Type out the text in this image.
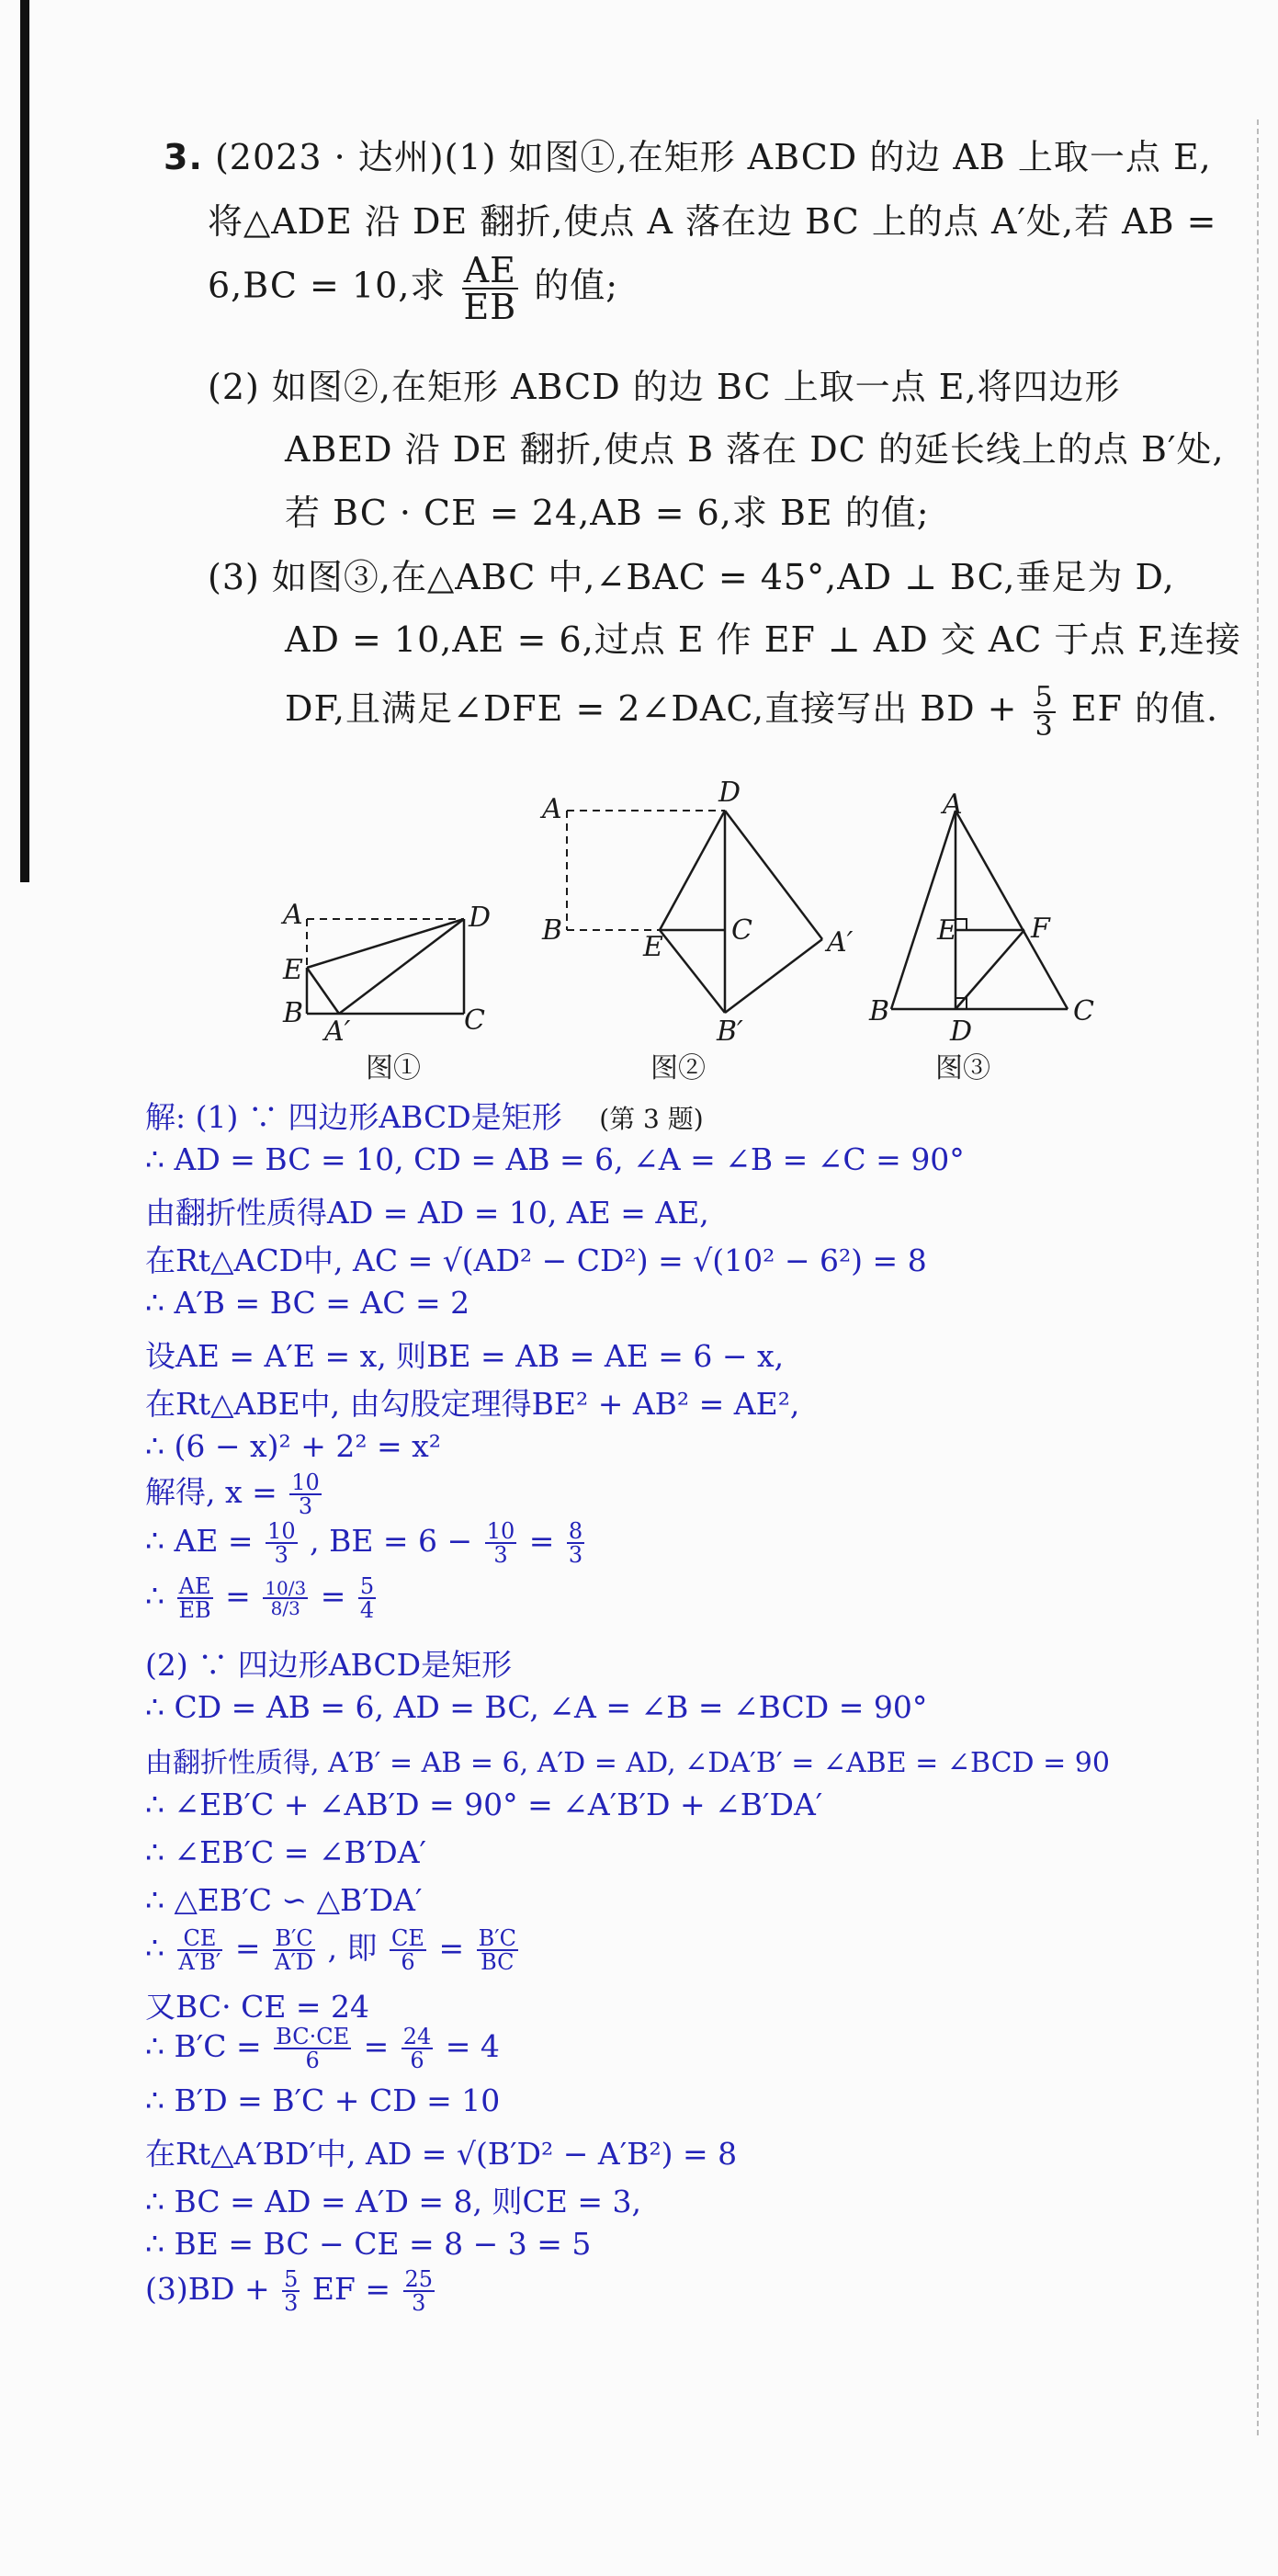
3. (2023 · 达州)(1) 如图①,在矩形 ABCD 的边 AB 上取一点 E,
将△ADE 沿 DE 翻折,使点 A 落在边 BC 上的点 A′处,若 AB =
6,BC = 10,求 $\frac{AE}{EB}$ 的值;
(2) 如图②,在矩形 ABCD 的边 BC 上取一点 E,将四边形
ABED 沿 DE 翻折,使点 B 落在 DC 的延长线上的点 B′处,
若 BC · CE = 24,AB = 6,求 BE 的值;
(3) 如图③,在△ABC 中,∠BAC = 45°,AD ⊥ BC,垂足为 D,
AD = 10,AE = 6,过点 E 作 EF ⊥ AD 交 AC 于点 F,连接
DF,且满足∠DFE = 2∠DAC,直接写出 BD + $\frac{5}{3}$ EF 的值.
A	D
E
B
A′	C
图①
A
D
B
E
C	A′
B′
图②
A
E	F
B	C
D
图③
解: (1) ∵ 四边形ABCD是矩形 (第 3 题)
∴ AD = BC = 10, CD = AB = 6, ∠A = ∠B = ∠C = 90°
由翻折性质得AD = AD = 10, AE = AE,
在Rt△ACD中, AC = √(AD² − CD²) = √(10² − 6²) = 8
∴ A′B = BC = AC = 2
设AE = A′E = x, 则BE = AB = AE = 6 − x,
在Rt△ABE中, 由勾股定理得BE² + AB² = AE²,
∴ (6 − x)² + 2² = x²
解得, $x = \frac{10}{3}$
∴ AE = $\frac{10}{3}$ , BE = $6 - \frac{10}{3} = \frac{8}{3}$
∴ $\frac{AE}{EB} = \frac{10/3}{8/3} = \frac{5}{4}$
(2) ∵ 四边形ABCD是矩形
∴ CD = AB = 6, AD = BC, ∠A = ∠B = ∠BCD = 90°
由翻折性质得, A′B′ = AB = 6, A′D = AD, ∠DA′B′ = ∠ABE = ∠BCD = 90
∴ ∠EB′C + ∠AB′D = 90° = ∠A′B′D + ∠B′DA′
∴ ∠EB′C = ∠B′DA′
∴ △EB′C ∽ △B′DA′
∴ $\frac{CE}{A'B'} = \frac{B'C}{A'D}$ , 即 $\frac{CE}{6} = \frac{B'C}{BC}$
又BC· CE = 24
∴ $B'C = \frac{BC\cdot CE}{6} = \frac{24}{6} = 4$
∴ B′D = B′C + CD = 10
在Rt△A′BD′中, AD = √(B′D² − A′B²) = 8
∴ BC = AD = A′D = 8, 则CE = 3,
∴ BE = BC − CE = 8 − 3 = 5
$(3)BD + \frac{5}{3}$ EF = $\frac{25}{3}$
